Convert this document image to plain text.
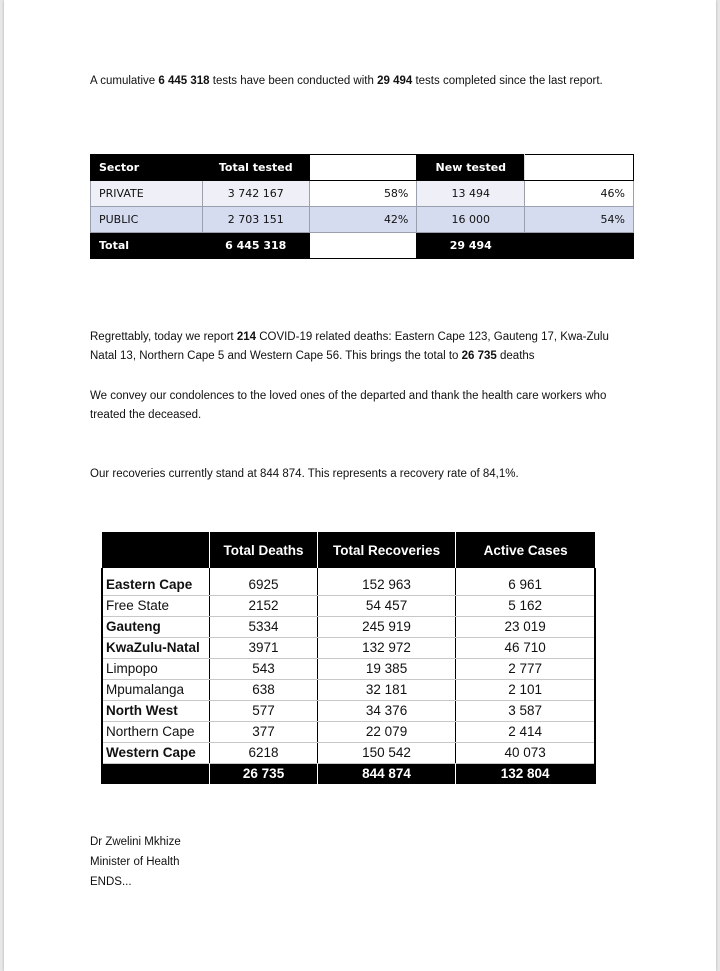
A cumulative 6 445 318 tests have been conducted with 29 494 tests completed since the last report.

Sector	Total tested		New tested	
PRIVATE	3 742 167	58%	13 494	46%
PUBLIC	2 703 151	42%	16 000	54%
Total	6 445 318		29 494	

Regrettably, today we report 214 COVID-19 related deaths: Eastern Cape 123, Gauteng 17, Kwa-Zulu Natal 13, Northern Cape 5 and Western Cape 56. This brings the total to 26 735 deaths

We convey our condolences to the loved ones of the departed and thank the health care workers who treated the deceased.

Our recoveries currently stand at 844 874. This represents a recovery rate of 84,1%.

	Total Deaths	Total Recoveries	Active Cases
Eastern Cape	6925	152 963	6 961
Free State	2152	54 457	5 162
Gauteng	5334	245 919	23 019
KwaZulu-Natal	3971	132 972	46 710
Limpopo	543	19 385	2 777
Mpumalanga	638	32 181	2 101
North West	577	34 376	3 587
Northern Cape	377	22 079	2 414
Western Cape	6218	150 542	40 073
	26 735	844 874	132 804
Dr Zwelini Mkhize
Minister of Health
ENDS...
